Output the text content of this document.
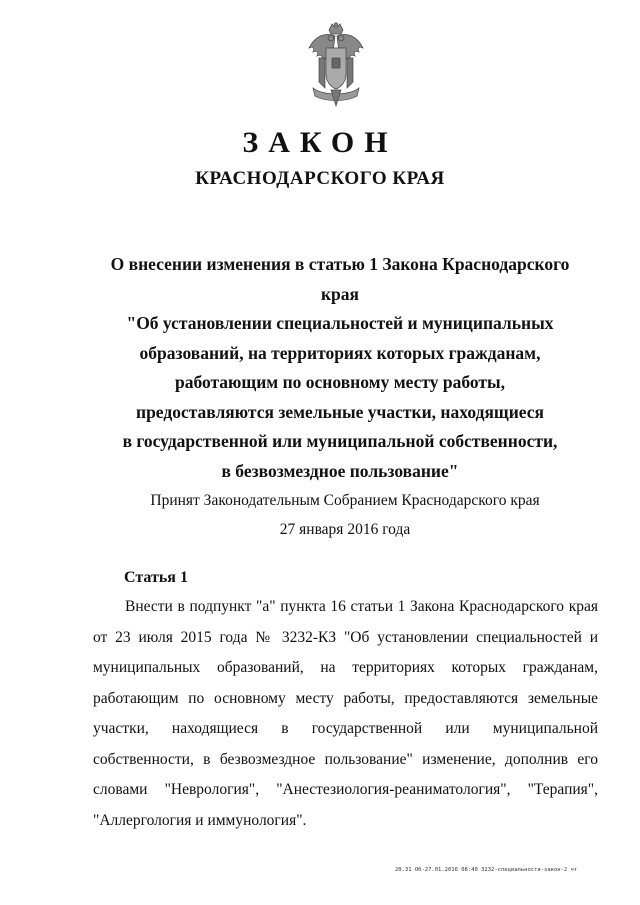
ЗАКОН
КРАСНОДАРСКОГО КРАЯ
О внесении изменения в статью 1 Закона Краснодарского края
"Об установлении специальностей и муниципальных
образований, на территориях которых гражданам,
работающим по основному месту работы,
предоставляются земельные участки, находящиеся
в государственной или муниципальной собственности,
в безвозмездное пользование"
Принят Законодательным Собранием Краснодарского края
27 января 2016 года
Статья 1

Внести в подпункт "а" пункта 16 статьи 1 Закона Краснодарского края от 23 июля 2015 года № 3232-КЗ "Об установлении специальностей и муниципальных образований, на территориях которых гражданам, работающим по основному месту работы, предоставляются земельные участки, находящиеся в государственной или муниципальной собственности, в безвозмездное пользование" изменение, дополнив его словами "Неврология", "Анестезиология-реаниматология", "Терапия", "Аллергология и иммунология".

20.31 Об-27.01.2016 08:40 3232-специальности-закон-2 чт
